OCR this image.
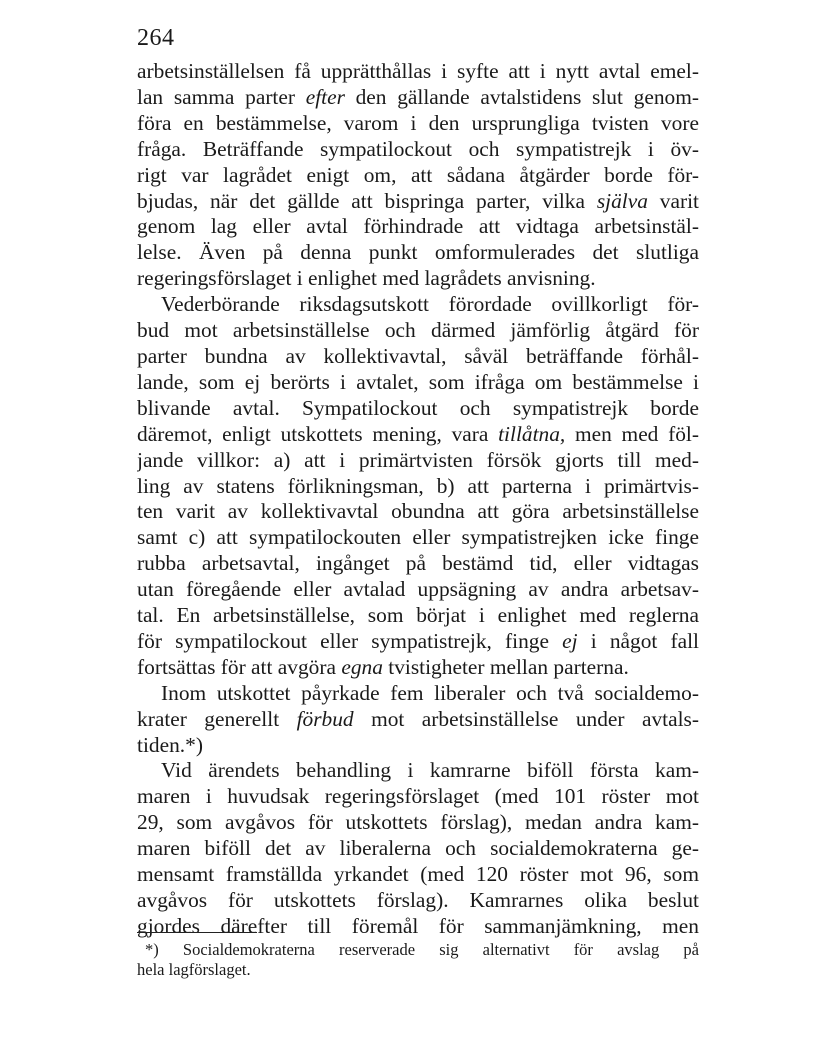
264

arbetsinställelsen få upprätthållas i syfte att i nytt avtal emel-
lan samma parter efter den gällande avtalstidens slut genom-
föra en bestämmelse, varom i den ursprungliga tvisten vore
fråga. Beträffande sympatilockout och sympatistrejk i öv-
rigt var lagrådet enigt om, att sådana åtgärder borde för-
bjudas, när det gällde att bispringa parter, vilka själva varit
genom lag eller avtal förhindrade att vidtaga arbetsinstäl-
lelse. Även på denna punkt omformulerades det slutliga
regeringsförslaget i enlighet med lagrådets anvisning.

Vederbörande riksdagsutskott förordade ovillkorligt för-
bud mot arbetsinställelse och därmed jämförlig åtgärd för
parter bundna av kollektivavtal, såväl beträffande förhål-
lande, som ej berörts i avtalet, som ifråga om bestämmelse i
blivande avtal. Sympatilockout och sympatistrejk borde
däremot, enligt utskottets mening, vara tillåtna, men med föl-
jande villkor: a) att i primärtvisten försök gjorts till med-
ling av statens förlikningsman, b) att parterna i primärtvis-
ten varit av kollektivavtal obundna att göra arbetsinställelse
samt c) att sympatilockouten eller sympatistrejken icke finge
rubba arbetsavtal, ingånget på bestämd tid, eller vidtagas
utan föregående eller avtalad uppsägning av andra arbetsav-
tal. En arbetsinställelse, som börjat i enlighet med reglerna
för sympatilockout eller sympatistrejk, finge ej i något fall
fortsättas för att avgöra egna tvistigheter mellan parterna.

Inom utskottet påyrkade fem liberaler och två socialdemo-
krater generellt förbud mot arbetsinställelse under avtals-
tiden.*)

Vid ärendets behandling i kamrarne biföll första kam-
maren i huvudsak regeringsförslaget (med 101 röster mot
29, som avgåvos för utskottets förslag), medan andra kam-
maren biföll det av liberalerna och socialdemokraterna ge-
mensamt framställda yrkandet (med 120 röster mot 96, som
avgåvos för utskottets förslag). Kamrarnes olika beslut
gjordes därefter till föremål för sammanjämkning, men

*) Socialdemokraterna reserverade sig alternativt för avslag på
hela lagförslaget.
